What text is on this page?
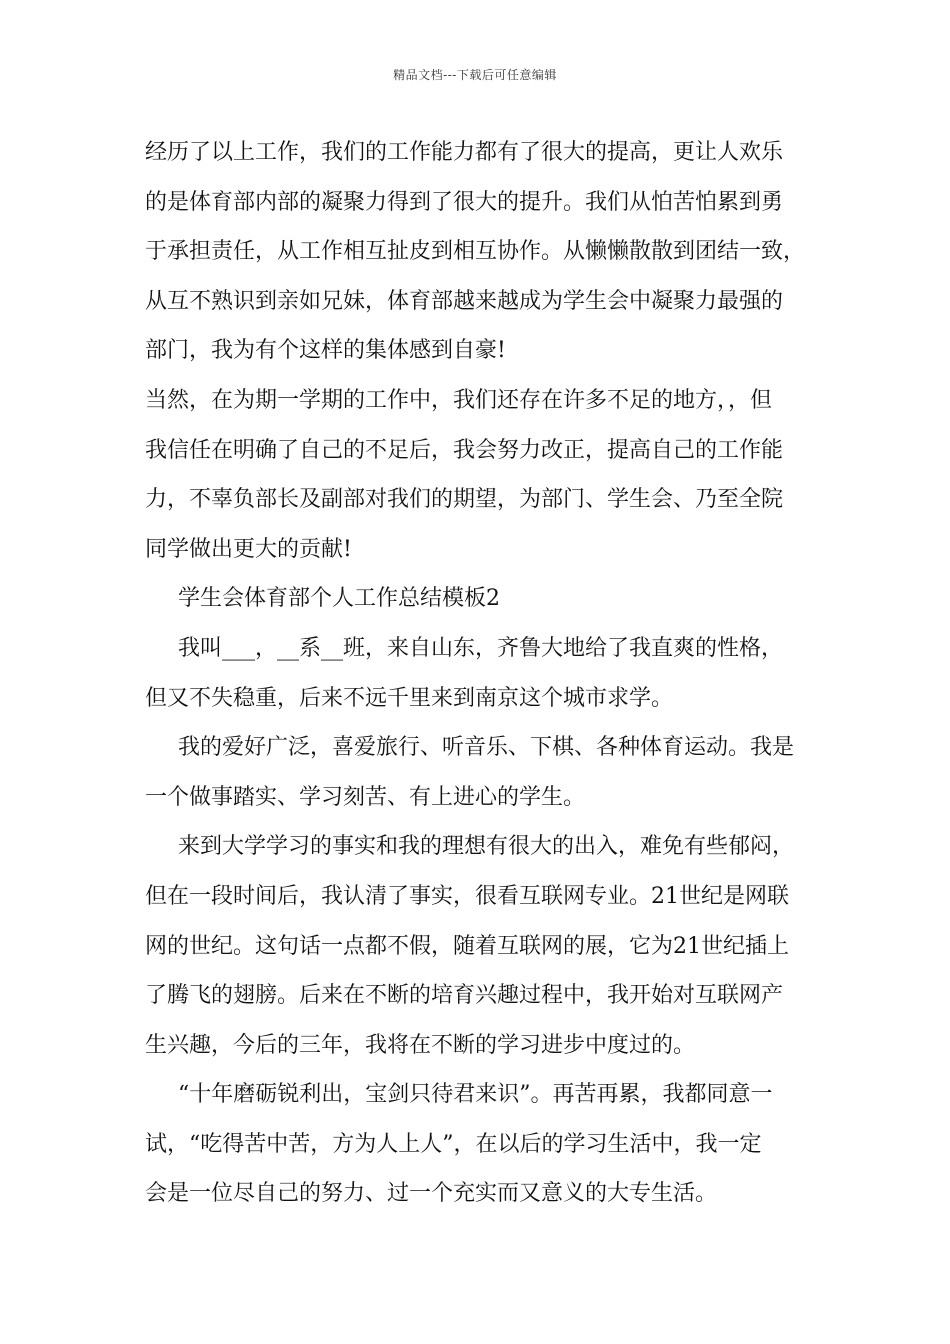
精品文档---下载后可任意编辑
经历了以上工作，我们的工作能力都有了很大的提高，更让人欢乐
的是体育部内部的凝聚力得到了很大的提升。我们从怕苦怕累到勇
于承担责任，从工作相互扯皮到相互协作。从懒懒散散到团结一致，
从互不熟识到亲如兄妹，体育部越来越成为学生会中凝聚力最强的
部门，我为有个这样的集体感到自豪!
当然，在为期一学期的工作中，我们还存在许多不足的地方，，但
我信任在明确了自己的不足后，我会努力改正，提高自己的工作能
力，不辜负部长及副部对我们的期望，为部门、学生会、乃至全院
同学做出更大的贡献!
学生会体育部个人工作总结模板2
我叫___，__系__班，来自山东，齐鲁大地给了我直爽的性格，
但又不失稳重，后来不远千里来到南京这个城市求学。
我的爱好广泛，喜爱旅行、听音乐、下棋、各种体育运动。我是
一个做事踏实、学习刻苦、有上进心的学生。
来到大学学习的事实和我的理想有很大的出入，难免有些郁闷，
但在一段时间后，我认清了事实，很看互联网专业。21世纪是网联
网的世纪。这句话一点都不假，随着互联网的展，它为21世纪插上
了腾飞的翅膀。后来在不断的培育兴趣过程中，我开始对互联网产
生兴趣，今后的三年，我将在不断的学习进步中度过的。
“十年磨砺锐利出，宝剑只待君来识”。再苦再累，我都同意一
试，“吃得苦中苦，方为人上人”，在以后的学习生活中，我一定
会是一位尽自己的努力、过一个充实而又意义的大专生活。
